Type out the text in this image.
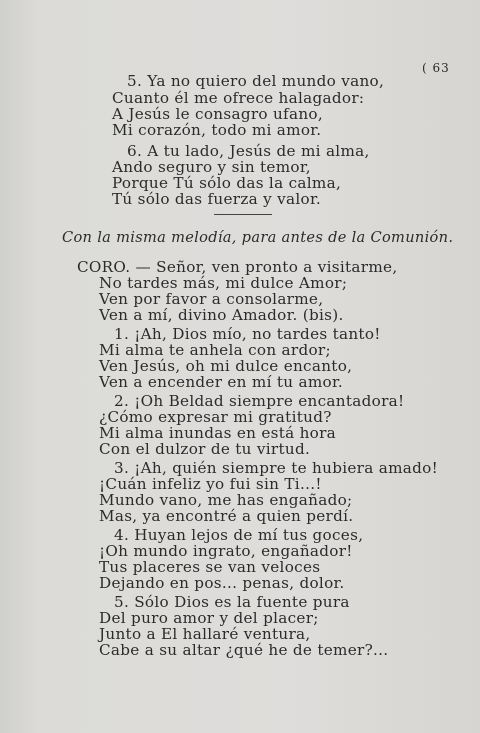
( 63
5. Ya no quiero del mundo vano,
Cuanto él me ofrece halagador:
A Jesús le consagro ufano,
Mi corazón, todo mi amor.
6. A tu lado, Jesús de mi alma,
Ando seguro y sin temor,
Porque Tú sólo das la calma,
Tú sólo das fuerza y valor.
Con la misma melodía, para antes de la Comunión.
CORO. — Señor, ven pronto a visitarme,
No tardes más, mi dulce Amor;
Ven por favor a consolarme,
Ven a mí, divino Amador. (bis).
1. ¡Ah, Dios mío, no tardes tanto!
Mi alma te anhela con ardor;
Ven Jesús, oh mi dulce encanto,
Ven a encender en mí tu amor.
2. ¡Oh Beldad siempre encantadora!
¿Cómo expresar mi gratitud?
Mi alma inundas en está hora
Con el dulzor de tu virtud.
3. ¡Ah, quién siempre te hubiera amado!
¡Cuán infeliz yo fui sin Ti...!
Mundo vano, me has engañado;
Mas, ya encontré a quien perdí.
4. Huyan lejos de mí tus goces,
¡Oh mundo ingrato, engañador!
Tus placeres se van veloces
Dejando en pos... penas, dolor.
5. Sólo Dios es la fuente pura
Del puro amor y del placer;
Junto a El hallaré ventura,
Cabe a su altar ¿qué he de temer?...
